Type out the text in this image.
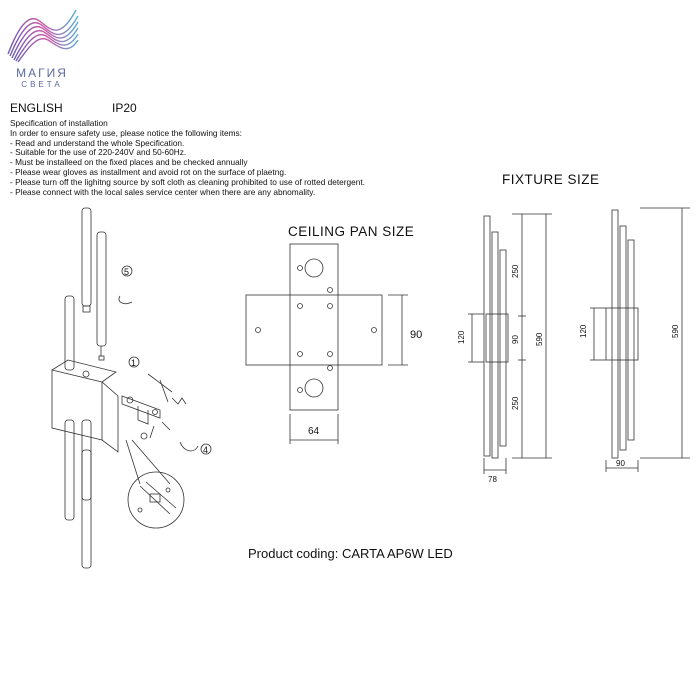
МАГИЯ
СВЕТА
ENGLISH	IP20
Specification of installation
In order to ensure safety use, please notice the following items:
- Read and understand the whole Specification.
- Suitable for the use of 220-240V and 50-60Hz.
- Must be installeed on the fixed places and be checked annually
- Please wear gloves as installment and avoid rot on the surface of plaetng.
- Please turn off the lighitng source by soft cloth as cleaning prohibited to use of rotted detergent.
- Please connect with the local sales service center when there are any abnomality.
FIXTURE SIZE
CEILING PAN SIZE
5
1
4
90
64
250
90
250
590
120
78
590
120
90
Product coding: CARTA AP6W LED
